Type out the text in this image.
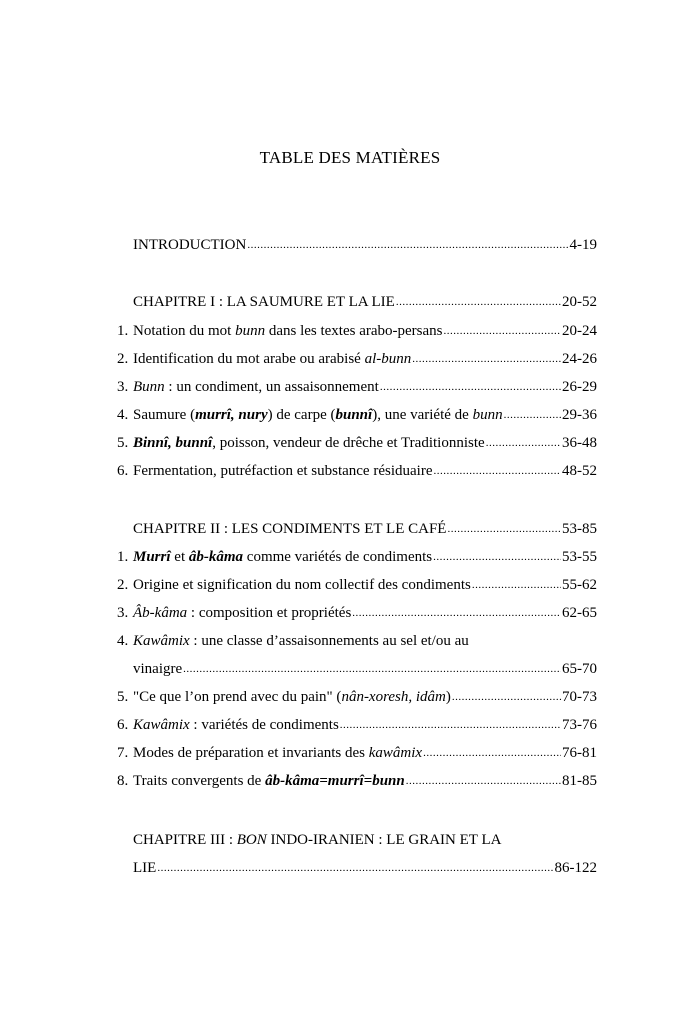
TABLE DES MATIÈRES
INTRODUCTION .....	4-19
CHAPITRE I : LA SAUMURE ET LA LIE .....	20-52
1. Notation du mot bunn dans les textes arabo-persans .....	20-24
2. Identification du mot arabe ou arabisé al-bunn .....	24-26
3. Bunn : un condiment, un assaisonnement .....	26-29
4. Saumure (murrî, nury) de carpe (bunnî), une variété de bunn .....	29-36
5. Binnî, bunnî, poisson, vendeur de drêche et Traditionniste .....	36-48
6. Fermentation, putréfaction et substance résiduaire .....	48-52
CHAPITRE II : LES CONDIMENTS ET LE CAFÉ .....	53-85
1. Murrî et âb-kâma comme variétés de condiments .....	53-55
2. Origine et signification du nom collectif des condiments .....	55-62
3. Âb-kâma : composition et propriétés .....	62-65
4. Kawâmix : une classe d’assaisonnements au sel et/ou au
vinaigre .....	65-70
5. "Ce que l’on prend avec du pain" (nân-xoresh, idâm) .....	70-73
6. Kawâmix : variétés de condiments .....	73-76
7. Modes de préparation et invariants des kawâmix .....	76-81
8. Traits convergents de âb-kâma=murrî=bunn .....	81-85
CHAPITRE III : BON INDO-IRANIEN : LE GRAIN ET LA
LIE .....	86-122
